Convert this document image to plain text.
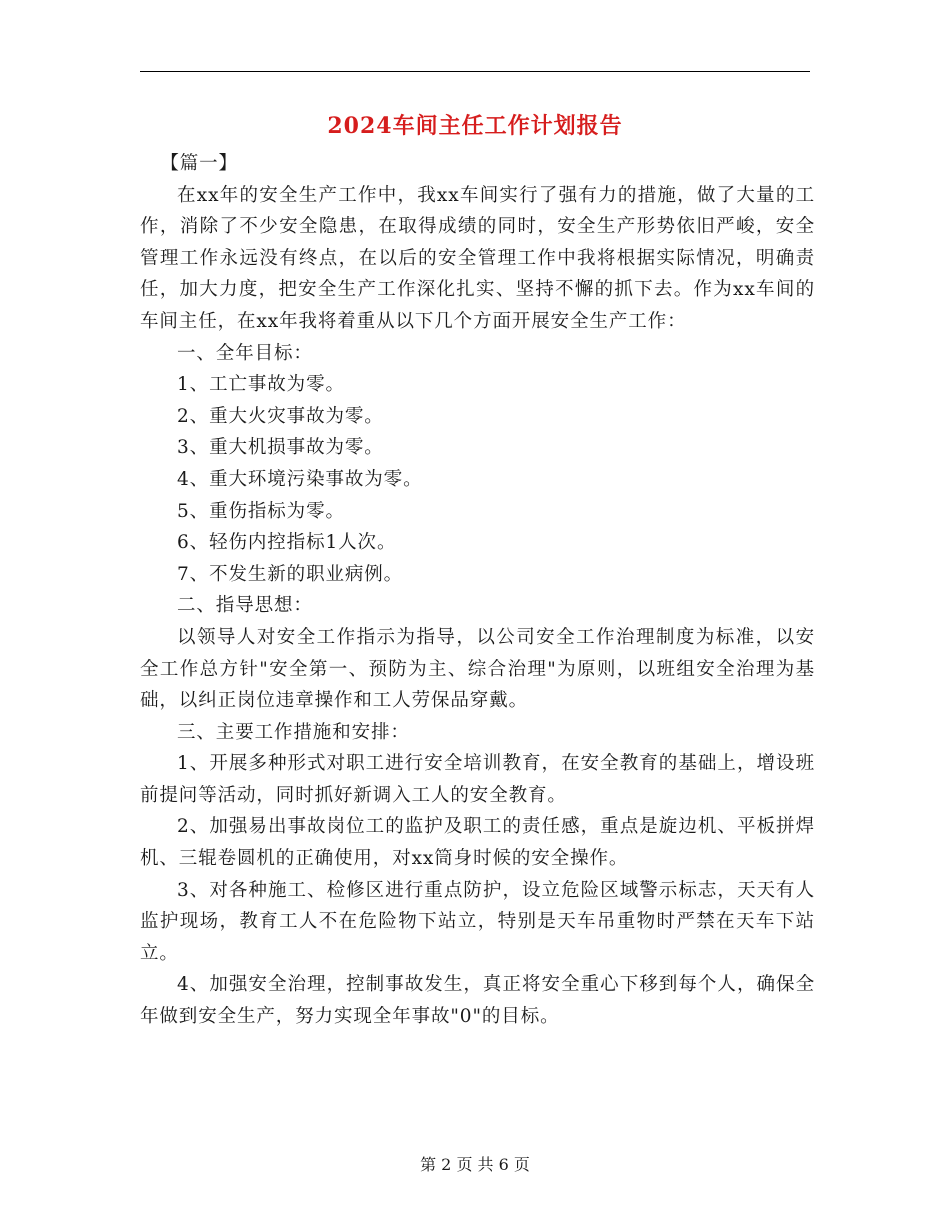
2024车间主任工作计划报告

【篇一】

在xx年的安全生产工作中，我xx车间实行了强有力的措施，做了大量的工作，消除了不少安全隐患，在取得成绩的同时，安全生产形势依旧严峻，安全管理工作永远没有终点，在以后的安全管理工作中我将根据实际情况，明确责任，加大力度，把安全生产工作深化扎实、坚持不懈的抓下去。作为xx车间的车间主任，在xx年我将着重从以下几个方面开展安全生产工作：

一、全年目标：

1、工亡事故为零。

2、重大火灾事故为零。

3、重大机损事故为零。

4、重大环境污染事故为零。

5、重伤指标为零。

6、轻伤内控指标1人次。

7、不发生新的职业病例。

二、指导思想：

以领导人对安全工作指示为指导，以公司安全工作治理制度为标准，以安全工作总方针"安全第一、预防为主、综合治理"为原则，以班组安全治理为基础，以纠正岗位违章操作和工人劳保品穿戴。

三、主要工作措施和安排：

1、开展多种形式对职工进行安全培训教育，在安全教育的基础上，增设班前提问等活动，同时抓好新调入工人的安全教育。

2、加强易出事故岗位工的监护及职工的责任感，重点是旋边机、平板拼焊机、三辊卷圆机的正确使用，对xx筒身时候的安全操作。

3、对各种施工、检修区进行重点防护，设立危险区域警示标志，天天有人监护现场，教育工人不在危险物下站立，特别是天车吊重物时严禁在天车下站立。

4、加强安全治理，控制事故发生，真正将安全重心下移到每个人，确保全年做到安全生产，努力实现全年事故"0"的目标。

第 2 页 共 6 页
